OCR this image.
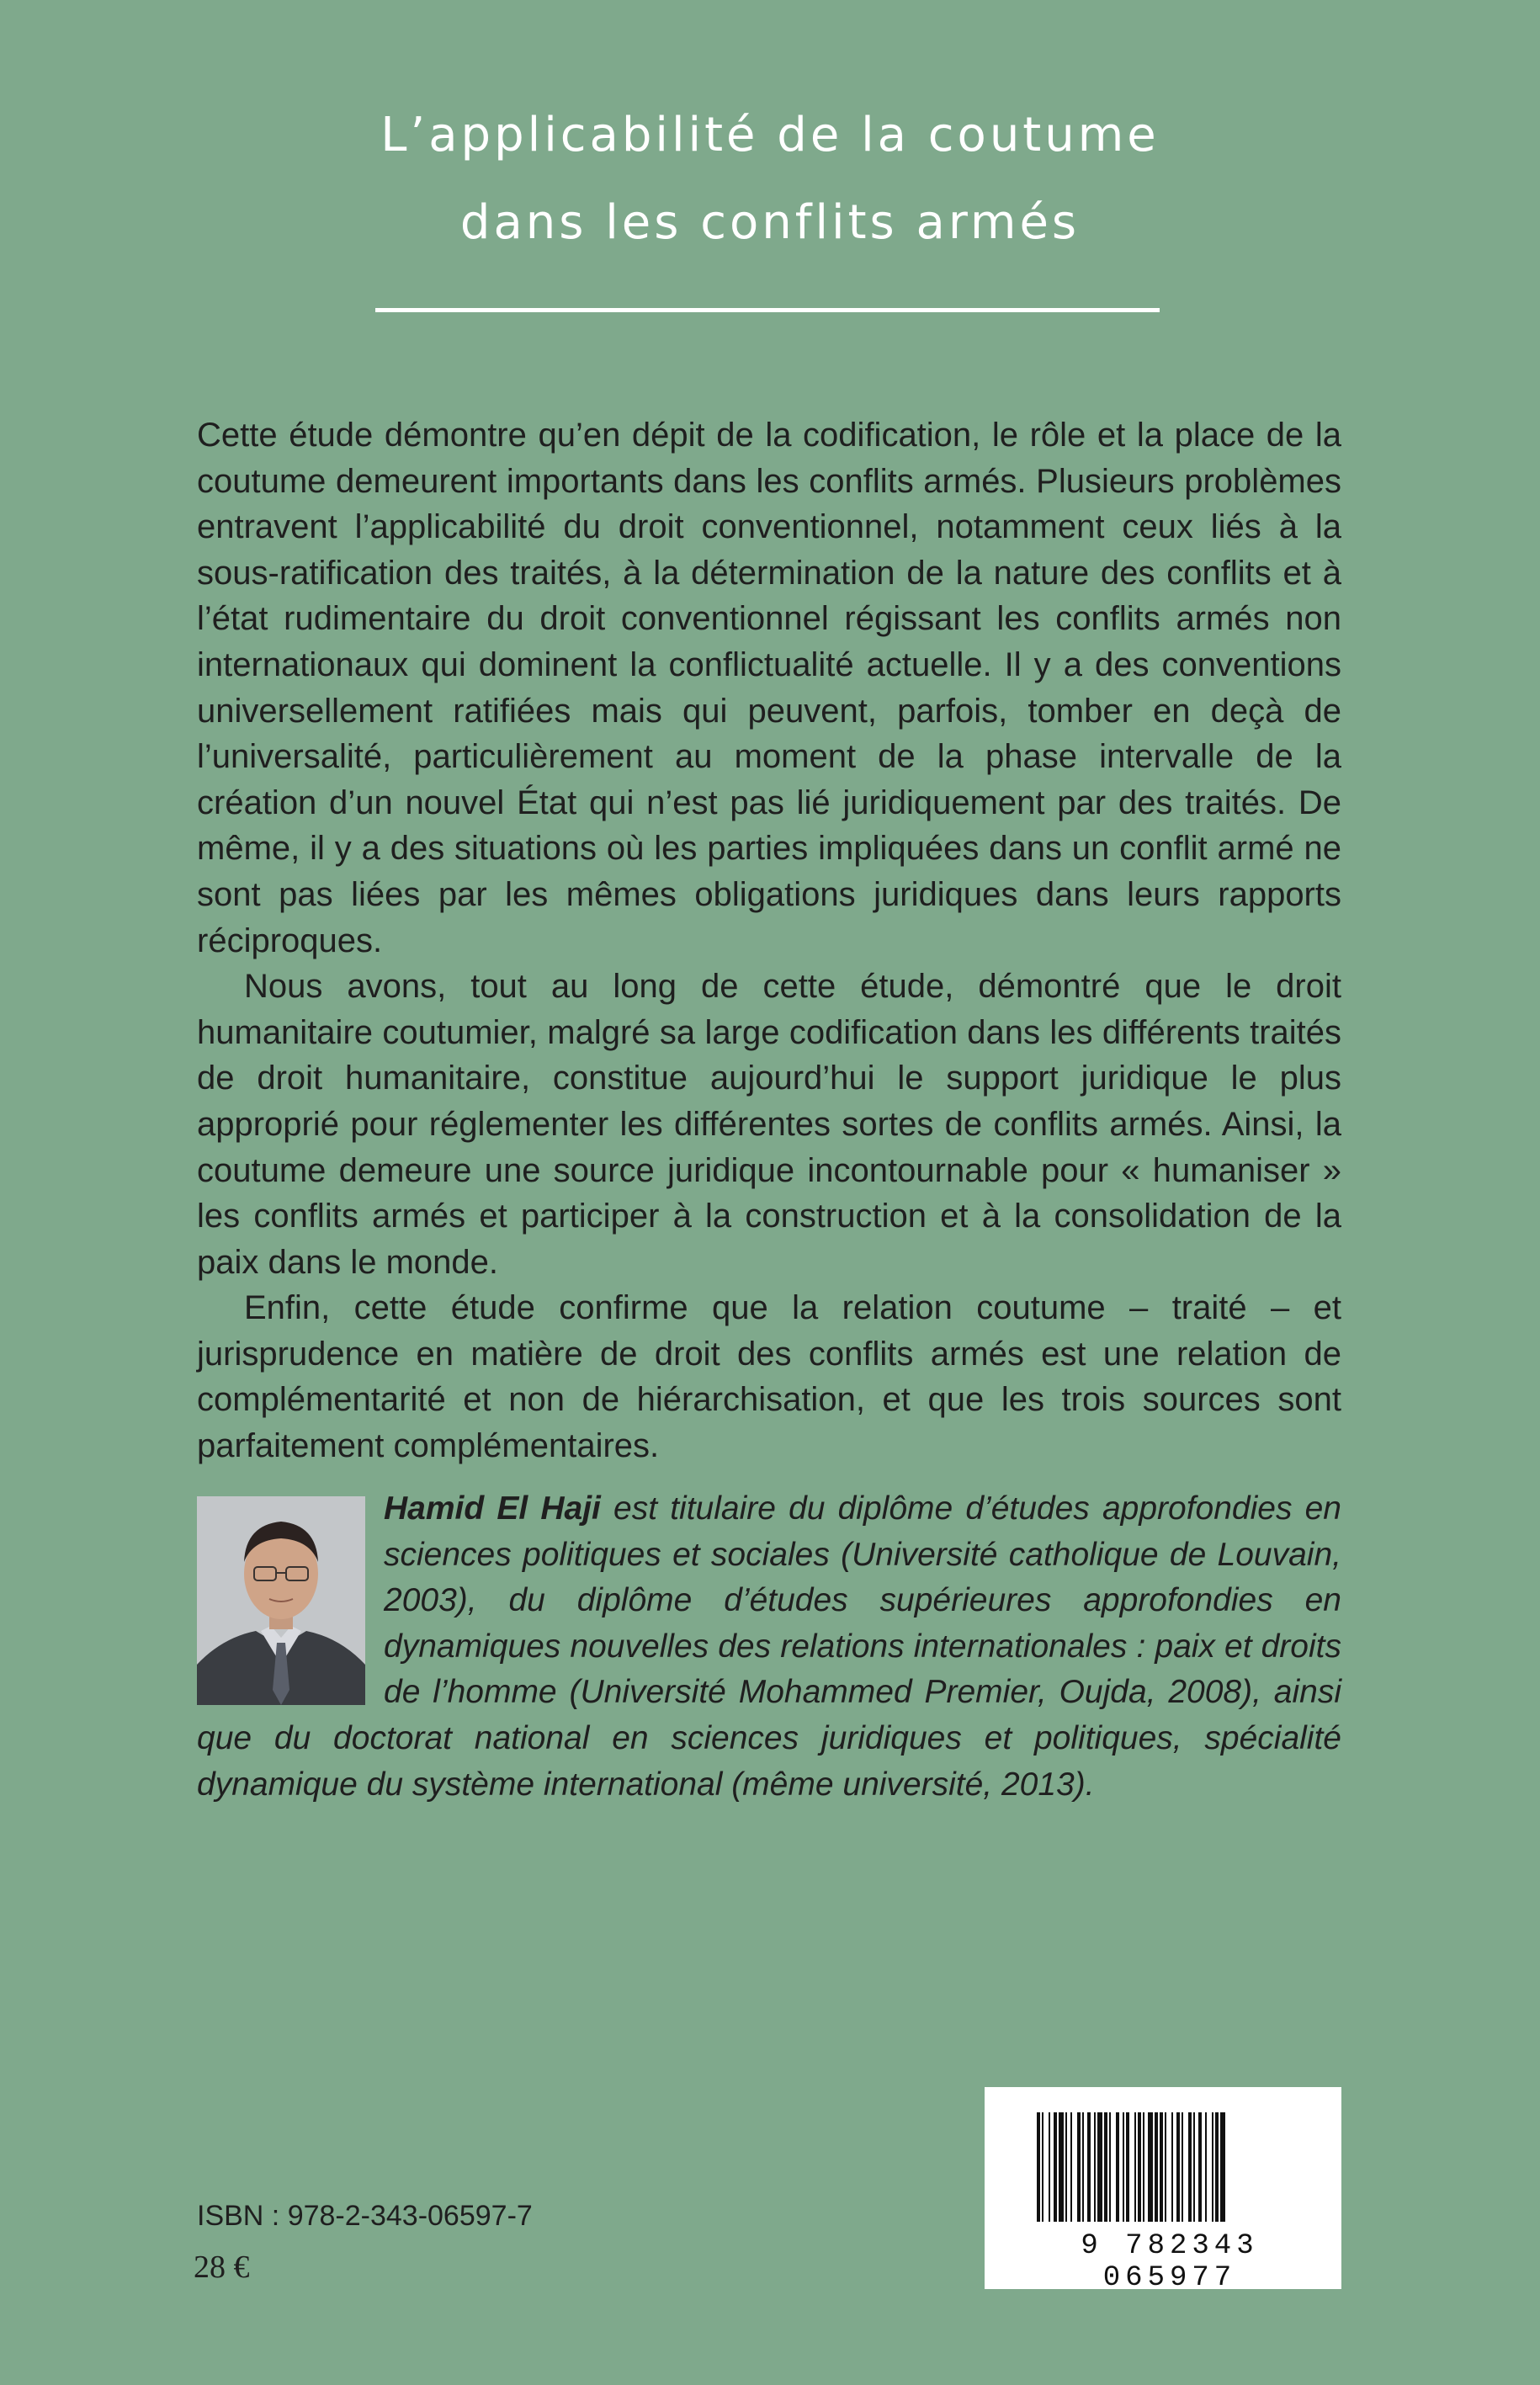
L’applicabilité de la coutume
dans les conflits armés

Cette étude démontre qu’en dépit de la codification, le rôle et la place de la coutume demeurent importants dans les conflits armés. Plusieurs problèmes entravent l’applicabilité du droit conventionnel, notamment ceux liés à la sous-ratification des traités, à la détermination de la nature des conflits et à l’état rudimentaire du droit conventionnel régissant les conflits armés non internationaux qui dominent la conflictualité actuelle. Il y a des conventions universellement ratifiées mais qui peuvent, parfois, tomber en deçà de l’universalité, particulièrement au moment de la phase intervalle de la création d’un nouvel État qui n’est pas lié juridiquement par des traités. De même, il y a des situations où les parties impliquées dans un conflit armé ne sont pas liées par les mêmes obligations juridiques dans leurs rapports réciproques.

Nous avons, tout au long de cette étude, démontré que le droit humanitaire coutumier, malgré sa large codification dans les différents traités de droit humanitaire, constitue aujourd’hui le support juridique le plus approprié pour réglementer les différentes sortes de conflits armés. Ainsi, la coutume demeure une source juridique incontournable pour « humaniser » les conflits armés et participer à la construction et à la consolidation de la paix dans le monde.

Enfin, cette étude confirme que la relation coutume – traité – et jurisprudence en matière de droit des conflits armés est une relation de complémentarité et non de hiérarchisation, et que les trois sources sont parfaitement complémentaires.

Hamid El Haji est titulaire du diplôme d’études approfondies en sciences politiques et sociales (Université catholique de Louvain, 2003), du diplôme d’études supérieures approfondies en dynamiques nouvelles des relations internationales : paix et droits de l’homme (Université Mohammed Premier, Oujda, 2008), ainsi que du doctorat national en sciences juridiques et politiques, spécialité dynamique du système international (même université, 2013).
ISBN : 978-2-343-06597-7
28 €
9 782343 065977
